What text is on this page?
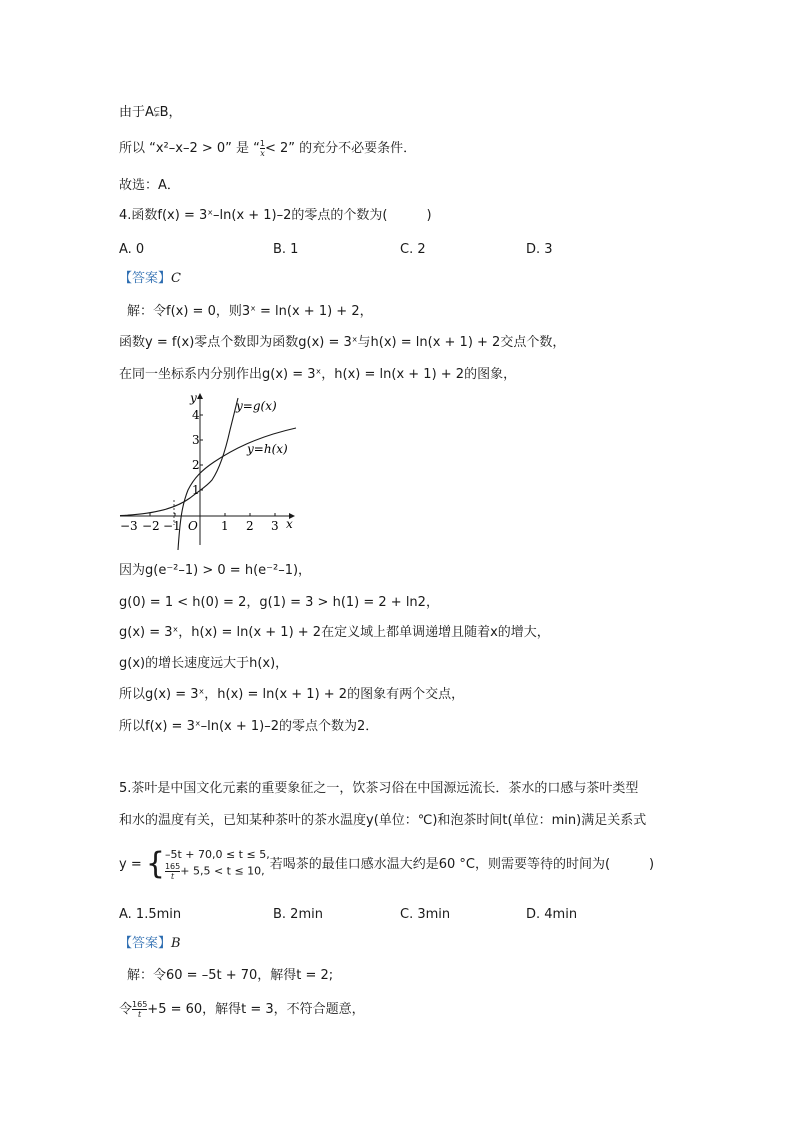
由于A⫋B，
所以 “x²–x–2 > 0” 是 “ $\frac{1}{x} < 2$” 的充分不必要条件．
故选：A．
4.函数f(x) = 3ˣ–ln(x + 1)–2的零点的个数为(　　　)
A. 0	B. 1	C. 2	D. 3
【答案】C
解：令f(x) = 0，则3ˣ = ln(x + 1) + 2，
函数y = f(x)零点个数即为函数g(x) = 3ˣ与h(x) = ln(x + 1) + 2交点个数，
在同一坐标系内分别作出g(x) = 3ˣ，h(x) = ln(x + 1) + 2的图象，
y=g(x)
y=h(x)
y
x
O
−3 −2 −1	1 2 3
1
2
3
4
因为g(e⁻²–1) > 0 = h(e⁻²–1)，
g(0) = 1 < h(0) = 2，g(1) = 3 > h(1) = 2 + ln2，
g(x) = 3ˣ，h(x) = ln(x + 1) + 2在定义域上都单调递增且随着x的增大，
g(x)的增长速度远大于h(x)，
所以g(x) = 3ˣ，h(x) = ln(x + 1) + 2的图象有两个交点，
所以f(x) = 3ˣ–ln(x + 1)–2的零点个数为2．
5.茶叶是中国文化元素的重要象征之一，饮茶习俗在中国源远流长．茶水的口感与茶叶类型
和水的温度有关，已知某种茶叶的茶水温度y(单位：℃)和泡茶时间t(单位：min)满足关系式
y = { –5t + 70,0 ≤ t ≤ 5,
$\frac{165}{t} + 5,5 < t \le 10$, 若喝茶的最佳口感水温大约是60 °C，则需要等待的时间为(　　　)
A. 1.5min	B. 2min	C. 3min	D. 4min
【答案】B
解：令60 = –5t + 70，解得t = 2;
令 $\frac{165}{t} +5 = 60$，解得t = 3，不符合题意，
